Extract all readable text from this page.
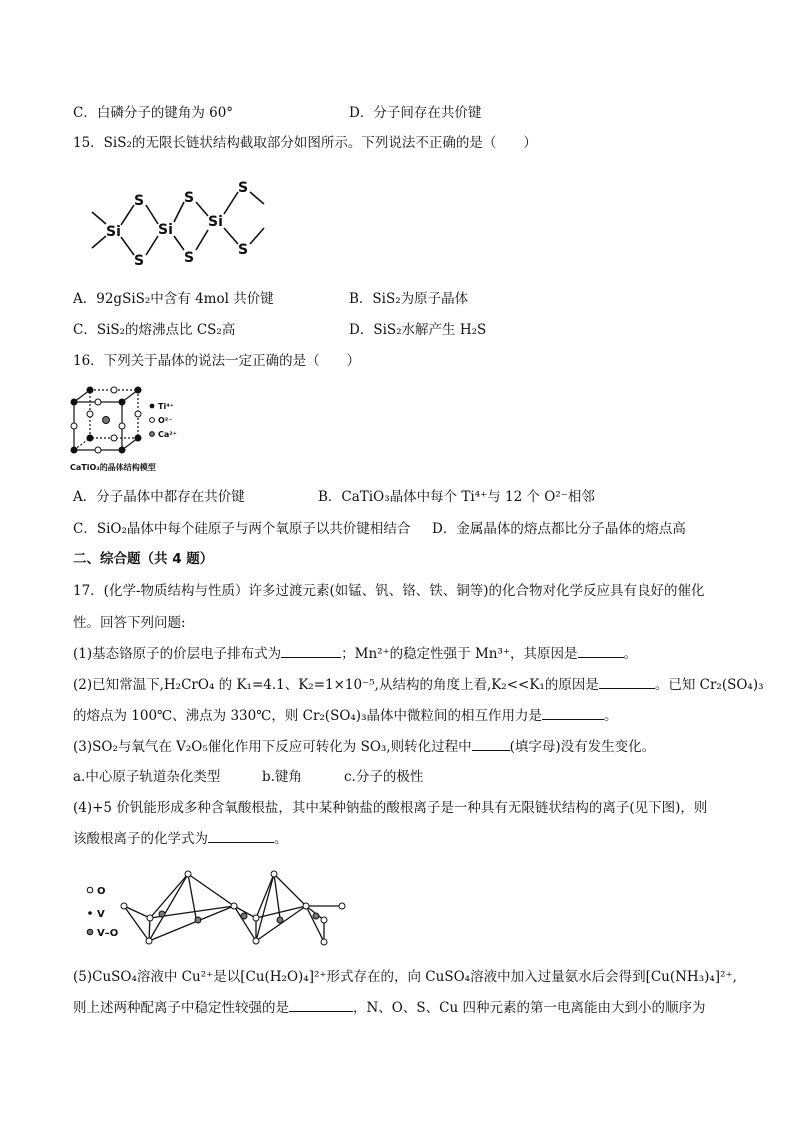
C．白磷分子的键角为 60°	D．分子间存在共价键
15．SiS₂的无限长链状结构截取部分如图所示。下列说法不正确的是（　　）
Si
S
S
Si
S
S
Si
S
S
A．92gSiS₂中含有 4mol 共价键	B．SiS₂为原子晶体
C．SiS₂的熔沸点比 CS₂高	D．SiS₂水解产生 H₂S
16．下列关于晶体的说法一定正确的是（　　）
Ti⁴⁺
O²⁻
Ca²⁺
CaTiO₃的晶体结构模型
A．分子晶体中都存在共价键	B．CaTiO₃晶体中每个 Ti⁴⁺与 12 个 O²⁻相邻
C．SiO₂晶体中每个硅原子与两个氧原子以共价键相结合 D．金属晶体的熔点都比分子晶体的熔点高
二、综合题（共 4 题）
17．(化学-物质结构与性质）许多过渡元素(如锰、钒、铬、铁、铜等)的化合物对化学反应具有良好的催化
性。回答下列问题:
(1)基态铬原子的价层电子排布式为	；Mn²⁺的稳定性强于 Mn³⁺，其原因是	。
(2)已知常温下,H₂CrO₄ 的 K₁=4.1、K₂=1×10⁻⁵,从结构的角度上看,K₂<<K₁的原因是	。已知 Cr₂(SO₄)₃
的熔点为 100℃、沸点为 330℃，则 Cr₂(SO₄)₃晶体中微粒间的相互作用力是	。
(3)SO₂与氧气在 V₂O₅催化作用下反应可转化为 SO₃,则转化过程中	(填字母)没有发生变化。
a.中心原子轨道杂化类型	b.键角	c.分子的极性
(4)+5 价钒能形成多种含氧酸根盐，其中某种钠盐的酸根离子是一种具有无限链状结构的离子(见下图)，则
该酸根离子的化学式为	。
O
V
V–O
(5)CuSO₄溶液中 Cu²⁺是以[Cu(H₂O)₄]²⁺形式存在的，向 CuSO₄溶液中加入过量氨水后会得到[Cu(NH₃)₄]²⁺,
则上述两种配离子中稳定性较强的是	，N、O、S、Cu 四种元素的第一电离能由大到小的顺序为
